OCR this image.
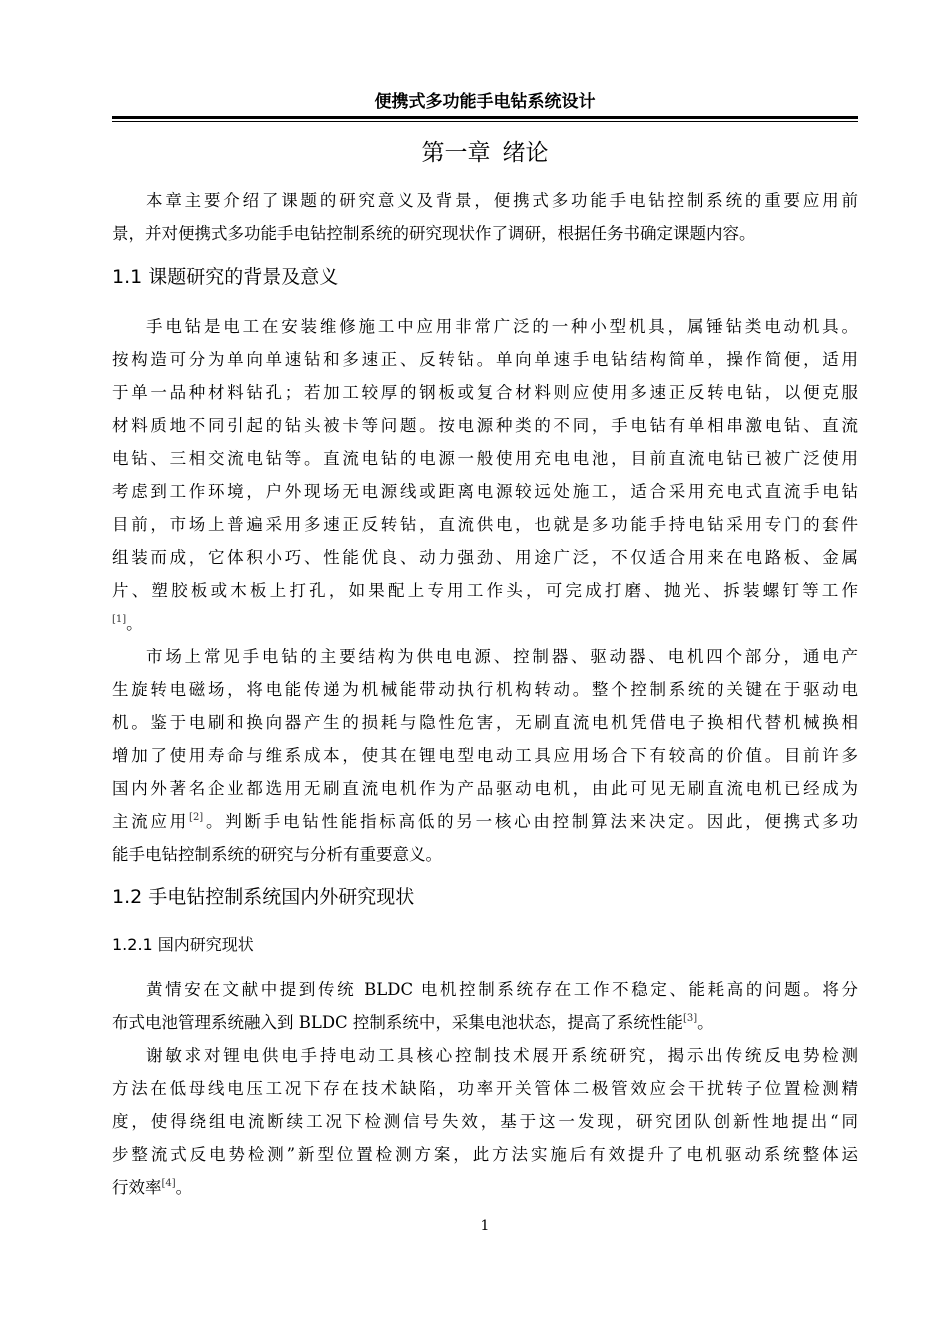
便携式多功能手电钻系统设计
第一章 绪论
本章主要介绍了课题的研究意义及背景，便携式多功能手电钻控制系统的重要应用前
景，并对便携式多功能手电钻控制系统的研究现状作了调研，根据任务书确定课题内容。
1.1 课题研究的背景及意义
手电钻是电工在安装维修施工中应用非常广泛的一种小型机具，属锤钻类电动机具。
按构造可分为单向单速钻和多速正、反转钻。单向单速手电钻结构简单，操作简便，适用
于单一品种材料钻孔；若加工较厚的钢板或复合材料则应使用多速正反转电钻，以便克服
材料质地不同引起的钻头被卡等问题。按电源种类的不同，手电钻有单相串激电钻、直流
电钻、三相交流电钻等。直流电钻的电源一般使用充电电池，目前直流电钻已被广泛使用
考虑到工作环境，户外现场无电源线或距离电源较远处施工，适合采用充电式直流手电钻
目前，市场上普遍采用多速正反转钻，直流供电，也就是多功能手持电钻采用专门的套件
组装而成，它体积小巧、性能优良、动力强劲、用途广泛，不仅适合用来在电路板、金属
片、塑胶板或木板上打孔，如果配上专用工作头，可完成打磨、抛光、拆装螺钉等工作
[1]。
市场上常见手电钻的主要结构为供电电源、控制器、驱动器、电机四个部分，通电产
生旋转电磁场，将电能传递为机械能带动执行机构转动。整个控制系统的关键在于驱动电
机。鉴于电刷和换向器产生的损耗与隐性危害，无刷直流电机凭借电子换相代替机械换相
增加了使用寿命与维系成本，使其在锂电型电动工具应用场合下有较高的价值。目前许多
国内外著名企业都选用无刷直流电机作为产品驱动电机，由此可见无刷直流电机已经成为
主流应用[2]。判断手电钻性能指标高低的另一核心由控制算法来决定。因此，便携式多功
能手电钻控制系统的研究与分析有重要意义。
1.2 手电钻控制系统国内外研究现状
1.2.1 国内研究现状
黄情安在文献中提到传统 BLDC 电机控制系统存在工作不稳定、能耗高的问题。将分
布式电池管理系统融入到 BLDC 控制系统中，采集电池状态，提高了系统性能[3]。
谢敏求对锂电供电手持电动工具核心控制技术展开系统研究，揭示出传统反电势检测
方法在低母线电压工况下存在技术缺陷，功率开关管体二极管效应会干扰转子位置检测精
度，使得绕组电流断续工况下检测信号失效，基于这一发现，研究团队创新性地提出“同
步整流式反电势检测”新型位置检测方案，此方法实施后有效提升了电机驱动系统整体运
行效率[4]。
1
